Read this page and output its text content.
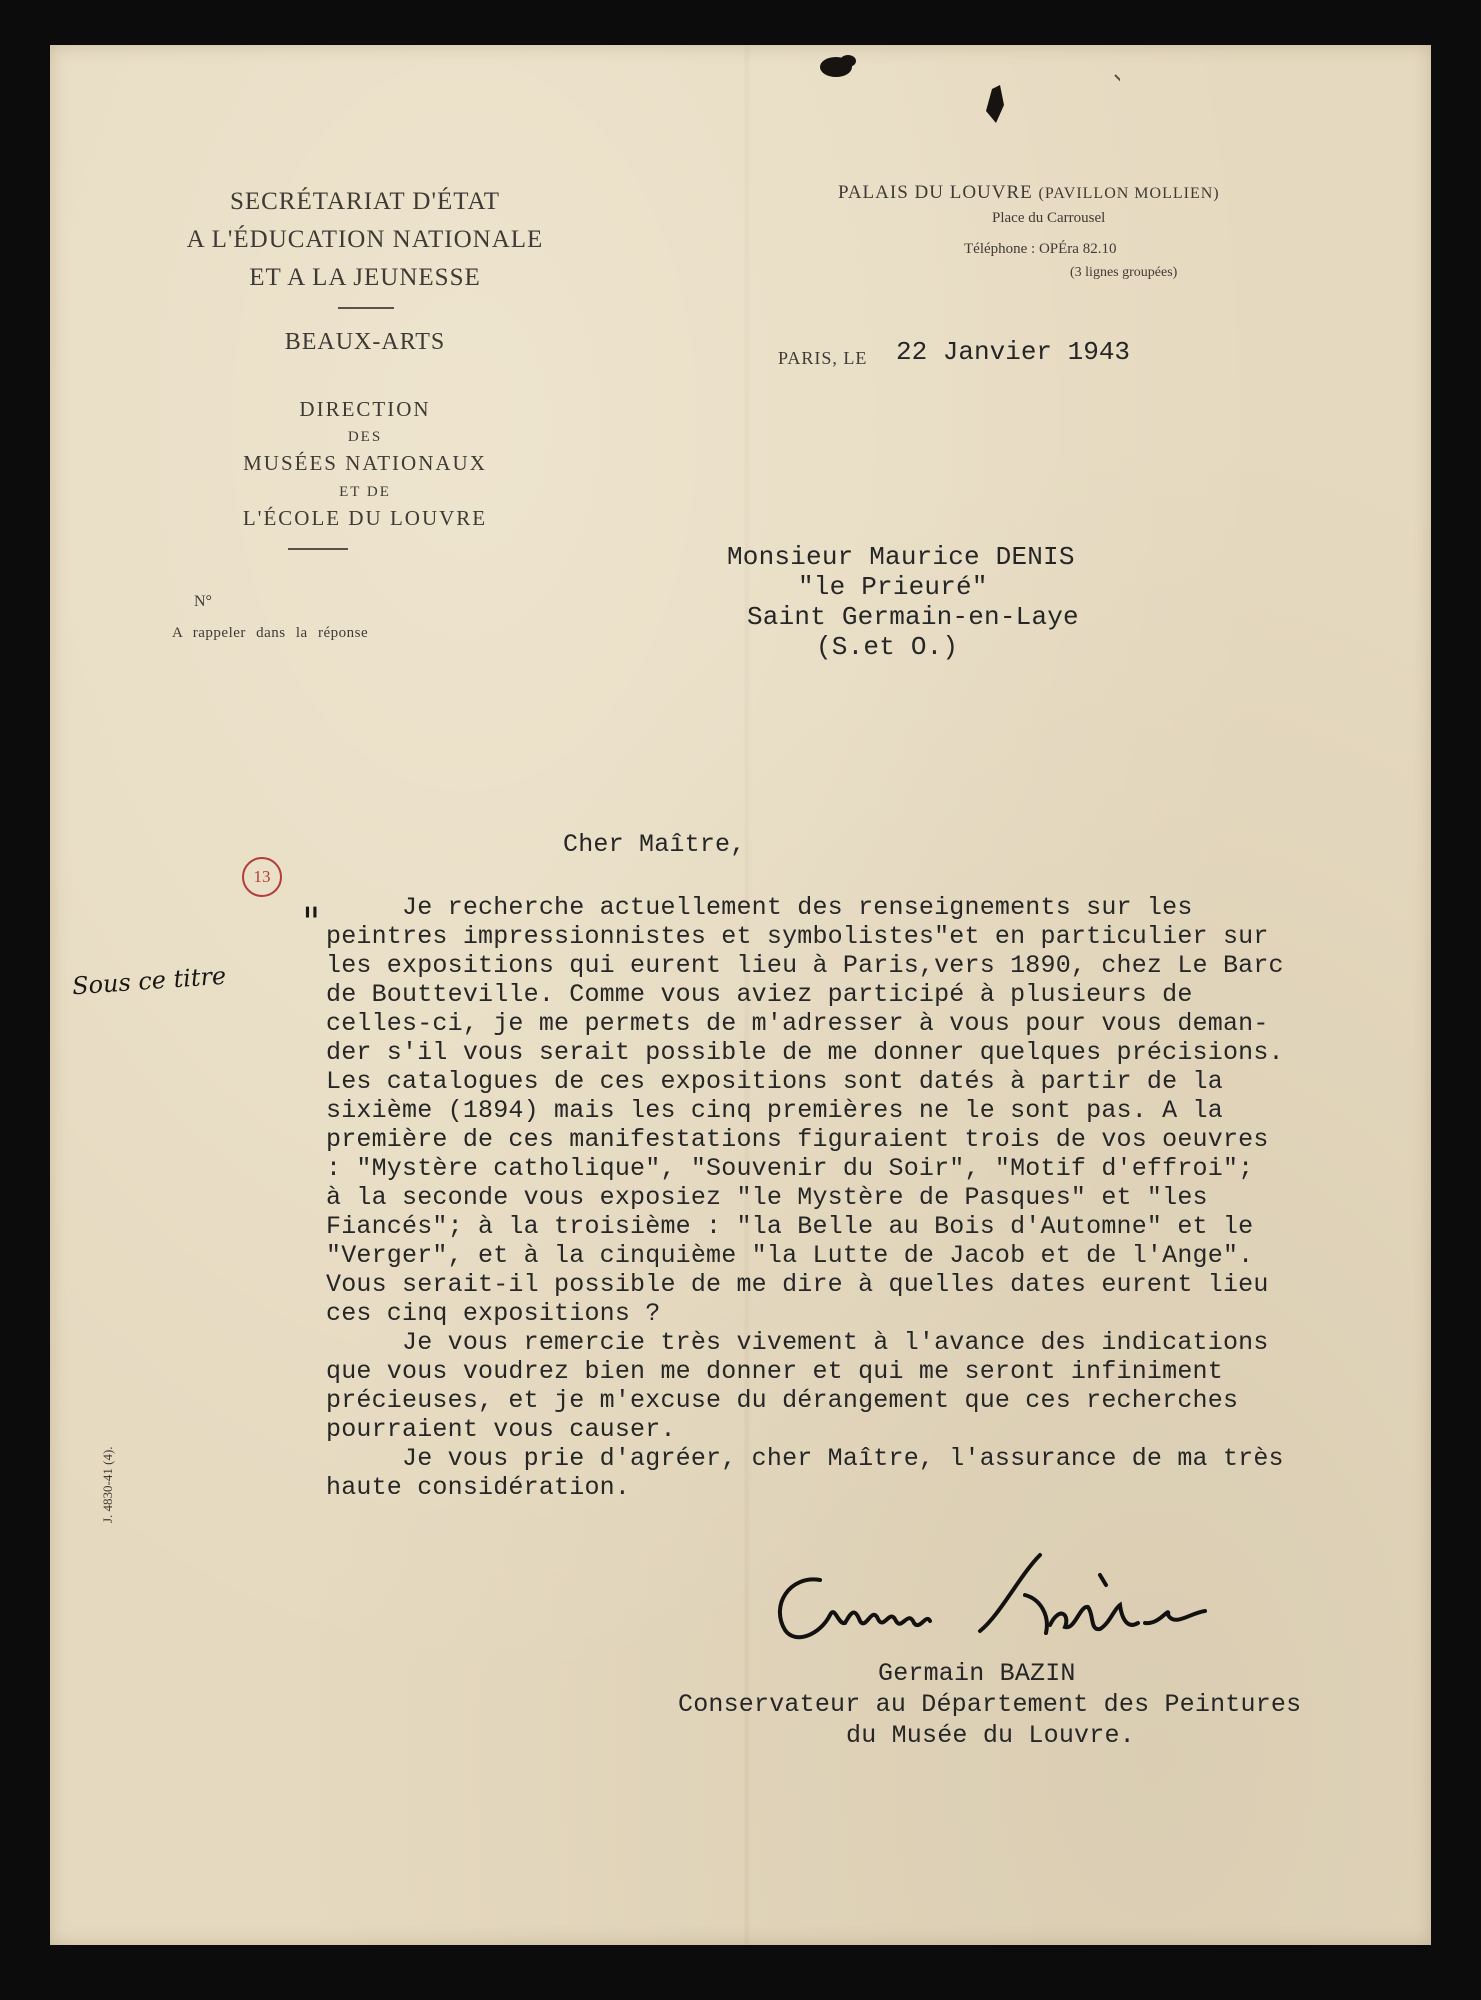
SECRÉTARIAT D'ÉTAT
A L'ÉDUCATION NATIONALE
ET A LA JEUNESSE
BEAUX-ARTS
DIRECTION
DES
MUSÉES NATIONAUX
ET DE
L'ÉCOLE DU LOUVRE
N°
A rappeler dans la réponse
PALAIS DU LOUVRE (PAVILLON MOLLIEN)
Place du Carrousel
Téléphone : OPÉra 82.10
(3 lignes groupées)
PARIS, LE 22 Janvier 1943
Monsieur Maurice DENIS
"le Prieuré"
Saint Germain-en-Laye
(S.et O.)
Cher Maître,
13
Sous ce titre
" Je recherche actuellement des renseignements sur les
peintres impressionnistes et symbolistes"et en particulier sur
les expositions qui eurent lieu à Paris,vers 1890, chez Le Barc
de Boutteville. Comme vous aviez participé à plusieurs de
celles-ci, je me permets de m'adresser à vous pour vous deman-
der s'il vous serait possible de me donner quelques précisions.
Les catalogues de ces expositions sont datés à partir de la
sixième (1894) mais les cinq premières ne le sont pas. A la
première de ces manifestations figuraient trois de vos oeuvres
: "Mystère catholique", "Souvenir du Soir", "Motif d'effroi";
à la seconde vous exposiez "le Mystère de Pasques" et "les
Fiancés"; à la troisième : "la Belle au Bois d'Automne" et le
"Verger", et à la cinquième "la Lutte de Jacob et de l'Ange".
Vous serait-il possible de me dire à quelles dates eurent lieu
ces cinq expositions ?
Je vous remercie très vivement à l'avance des indications
que vous voudrez bien me donner et qui me seront infiniment
précieuses, et je m'excuse du dérangement que ces recherches
pourraient vous causer.
Je vous prie d'agréer, cher Maître, l'assurance de ma très
haute considération.
J. 4830-41 (4).
Germain BAZIN
Conservateur au Département des Peintures
du Musée du Louvre.
